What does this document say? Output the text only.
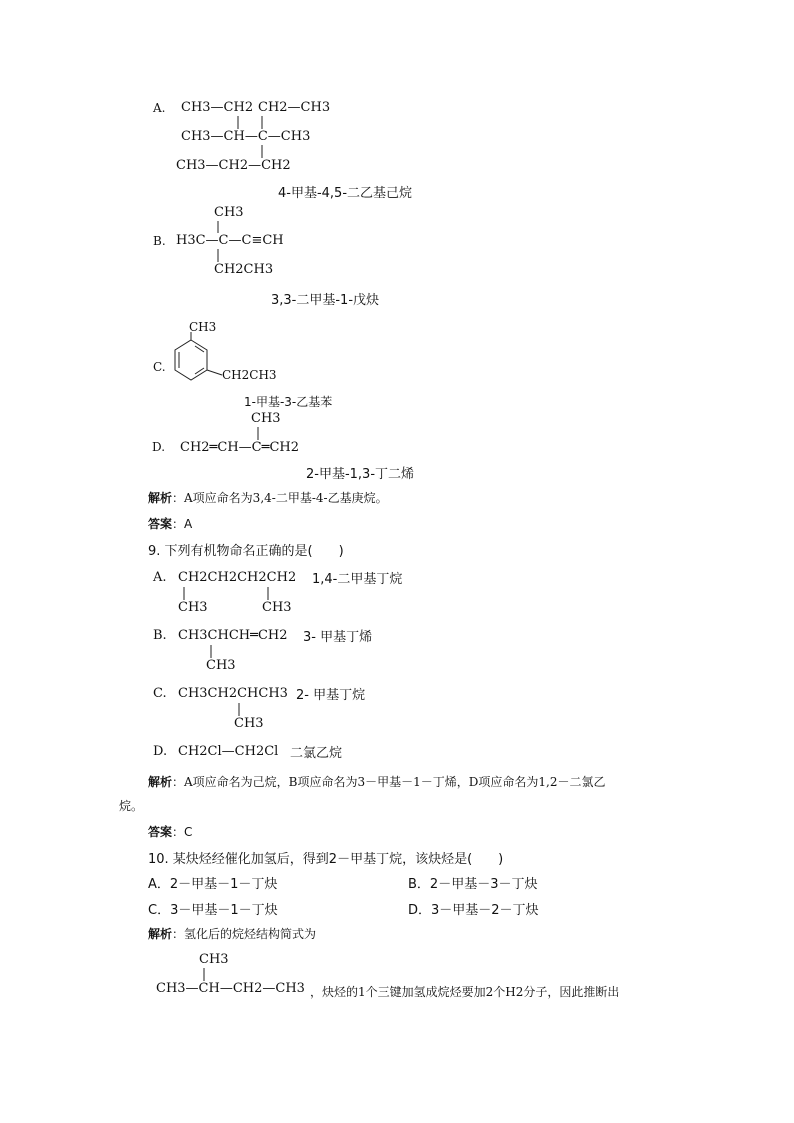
A. CH3—CH2 CH2—CH3
CH3—CH—C—CH3
CH3—CH2—CH2
4-甲基-4,5-二乙基己烷
B.
CH3
H3C—C—C≡CH
CH2CH3
3,3-二甲基-1-戊炔
C.
CH3
CH2CH3
1-甲基-3-乙基苯
D.
CH3
CH2═CH—C═CH2
2-甲基-1,3-丁二烯
解析：A项应命名为3,4-二甲基-4-乙基庚烷。
答案：A
9. 下列有机物命名正确的是(　　)
A. CH2CH2CH2CH2
CH3	CH3
1,4-二甲基丁烷
B. CH3CHCH═CH2
CH3
3- 甲基丁烯
C. CH3CH2CHCH3
CH3
2- 甲基丁烷
D. CH2Cl—CH2Cl 二氯乙烷
解析：A项应命名为己烷，B项应命名为3－甲基－1－丁烯，D项应命名为1,2－二氯乙
烷。
答案：C
10. 某炔烃经催化加氢后，得到2－甲基丁烷，该炔烃是(　　)
A．2－甲基－1－丁炔	B．2－甲基－3－丁炔
C．3－甲基－1－丁炔	D．3－甲基－2－丁炔
解析：氢化后的烷烃结构简式为
CH3
CH3—CH—CH2—CH3 ，炔烃的1个三键加氢成烷烃要加2个H2分子，因此推断出
